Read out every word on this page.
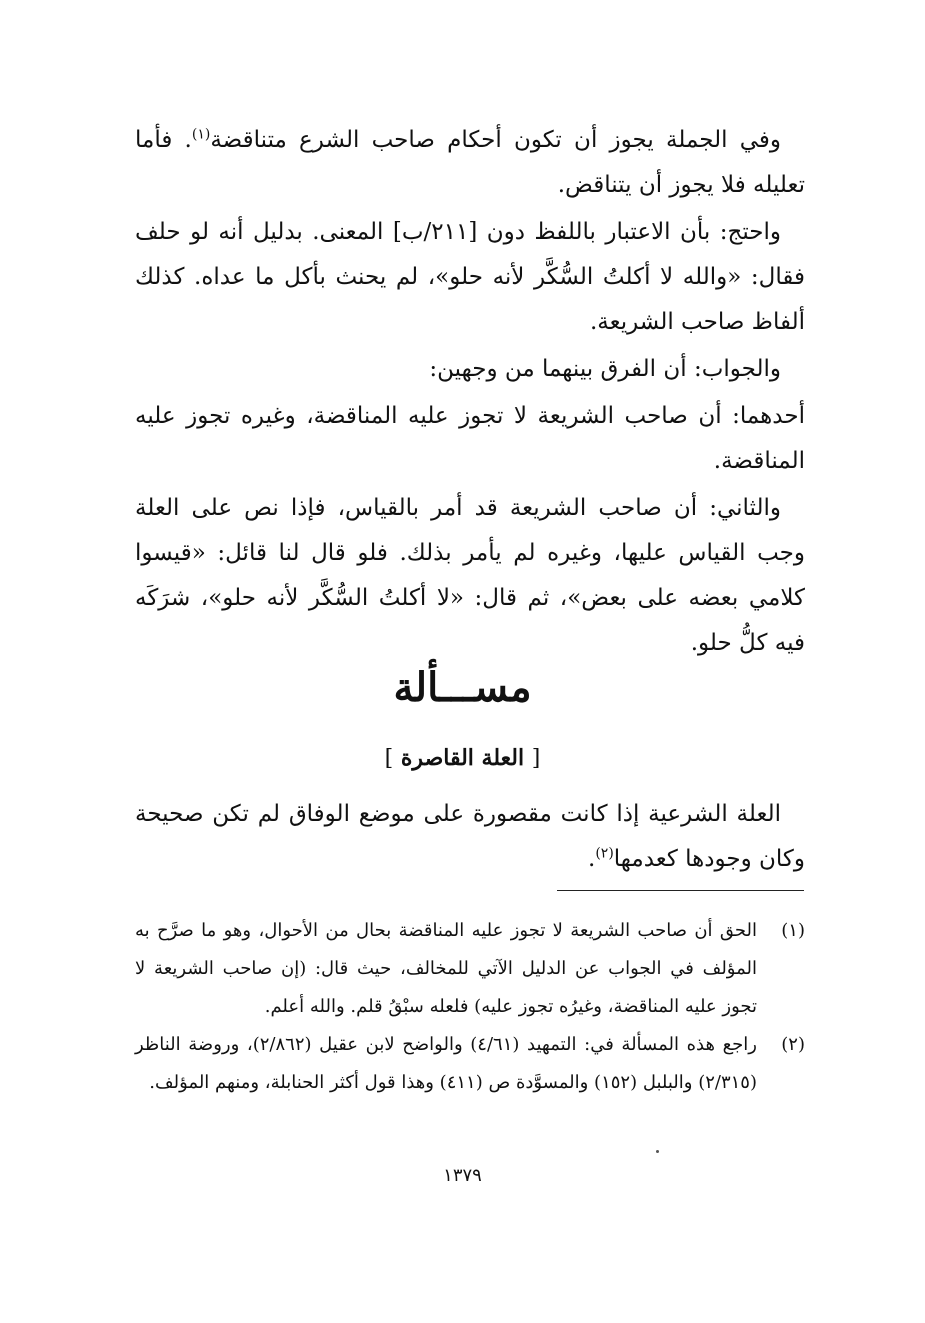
وفي الجملة يجوز أن تكون أحكام صاحب الشرع متناقضة$^{(١)}$. فأما تعليله فلا يجوز أن يتناقض.

واحتج: بأن الاعتبار باللفظ دون [٢١١/ب] المعنى. بدليل أنه لو حلف فقال: «والله لا أكلتُ السُّكَّر لأنه حلو»، لم يحنث بأكل ما عداه. كذلك ألفاظ صاحب الشريعة.

والجواب: أن الفرق بينهما من وجهين:

أحدهما: أن صاحب الشريعة لا تجوز عليه المناقضة، وغيره تجوز عليه المناقضة.

والثاني: أن صاحب الشريعة قد أمر بالقياس، فإذا نص على العلة وجب القياس عليها، وغيره لم يأمر بذلك. فلو قال لنا قائل: «قيسوا كلامي بعضه على بعض»، ثم قال: «لا أكلتُ السُّكَّر لأنه حلو»، شرَكَه فيه كلُّ حلو.

مســـألة
[ العلة القاصرة ]

العلة الشرعية إذا كانت مقصورة على موضع الوفاق لم تكن صحيحة وكان وجودها كعدمها$^{(٢)}$.

(١)
الحق أن صاحب الشريعة لا تجوز عليه المناقضة بحال من الأحوال، وهو ما صرَّح به المؤلف في الجواب عن الدليل الآتي للمخالف، حيث قال: (إن صاحب الشريعة لا تجوز عليه المناقضة، وغيرُه تجوز عليه) فلعله سبْقُ قلم. والله أعلم.
(٢)
راجع هذه المسألة في: التمهيد (٤/٦١) والواضح لابن عقيل (٢/٨٦٢)، وروضة الناظر (٢/٣١٥) والبلبل (١٥٢) والمسوَّدة ص (٤١١) وهذا قول أكثر الحنابلة، ومنهم المؤلف.
١٣٧٩
